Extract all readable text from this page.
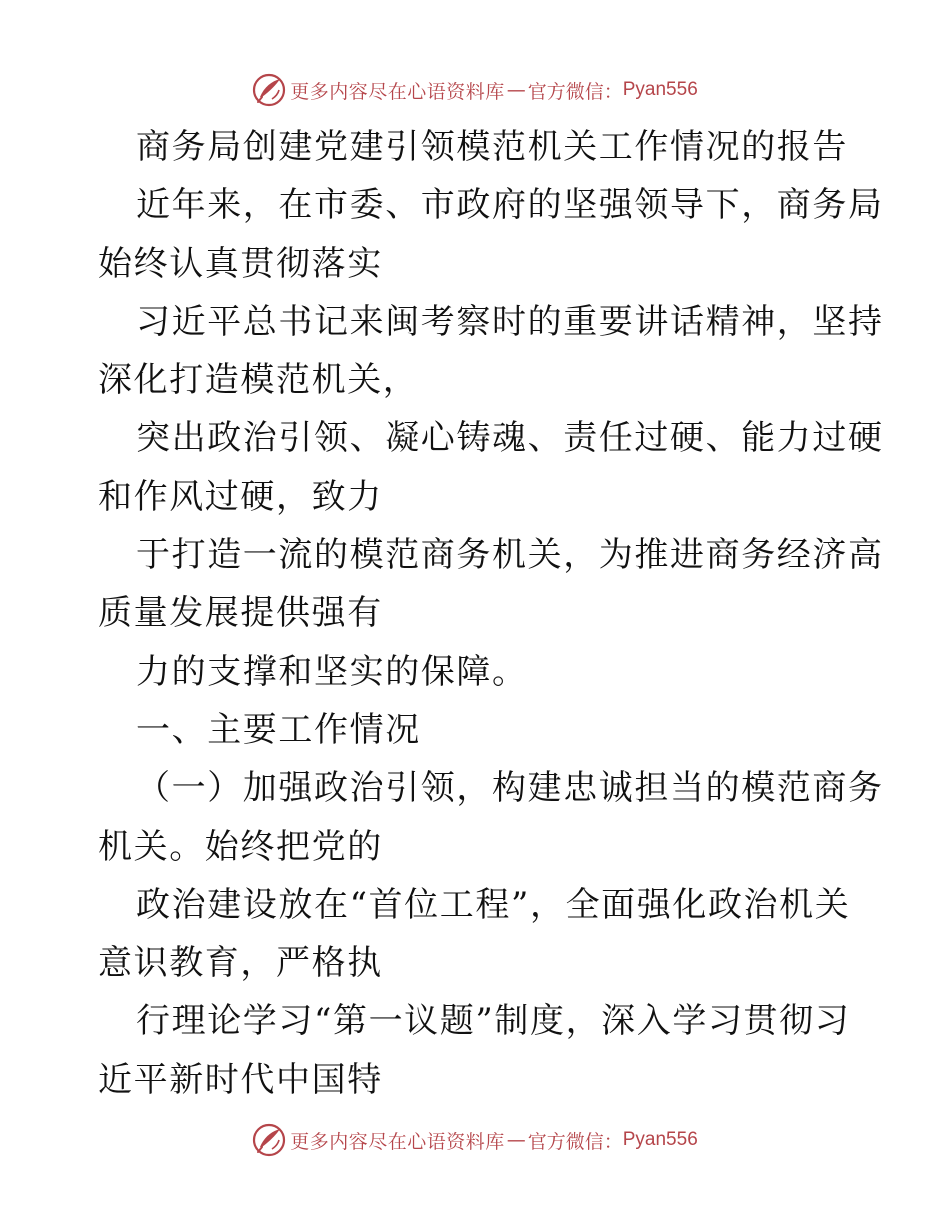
更多内容尽在心语资料库 — 官方微信： Pyan556
商务局创建党建引领模范机关工作情况的报告
近年来，在市委、市政府的坚强领导下，商务局
始终认真贯彻落实
习近平总书记来闽考察时的重要讲话精神，坚持
深化打造模范机关，
突出政治引领、凝心铸魂、责任过硬、能力过硬
和作风过硬，致力
于打造一流的模范商务机关，为推进商务经济高
质量发展提供强有
力的支撑和坚实的保障。
一、主要工作情况
（一）加强政治引领，构建忠诚担当的模范商务
机关。始终把党的
政治建设放在“首位工程”，全面强化政治机关
意识教育，严格执
行理论学习“第一议题”制度，深入学习贯彻习
近平新时代中国特
更多内容尽在心语资料库 — 官方微信： Pyan556
